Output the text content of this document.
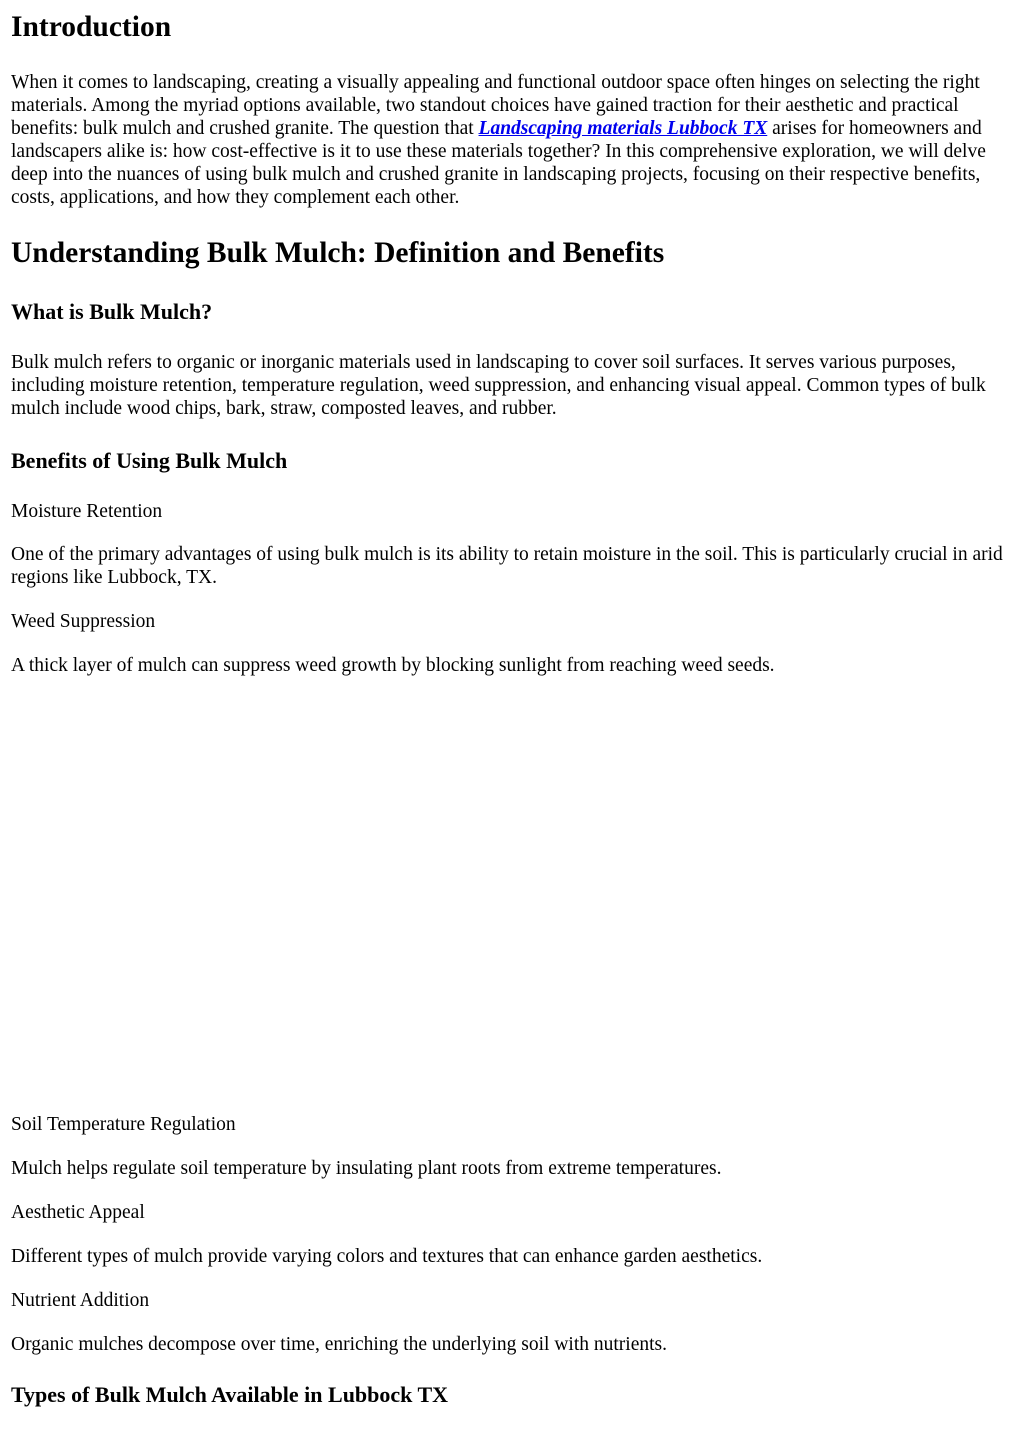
Introduction

When it comes to landscaping, creating a visually appealing and functional outdoor space often hinges on selecting the right materials. Among the myriad options available, two standout choices have gained traction for their aesthetic and practical benefits: bulk mulch and crushed granite. The question that Landscaping materials Lubbock TX arises for homeowners and landscapers alike is: how cost-effective is it to use these materials together? In this comprehensive exploration, we will delve deep into the nuances of using bulk mulch and crushed granite in landscaping projects, focusing on their respective benefits, costs, applications, and how they complement each other.

Understanding Bulk Mulch: Definition and Benefits
What is Bulk Mulch?

Bulk mulch refers to organic or inorganic materials used in landscaping to cover soil surfaces. It serves various purposes, including moisture retention, temperature regulation, weed suppression, and enhancing visual appeal. Common types of bulk mulch include wood chips, bark, straw, composted leaves, and rubber.

Benefits of Using Bulk Mulch

Moisture Retention

One of the primary advantages of using bulk mulch is its ability to retain moisture in the soil. This is particularly crucial in arid regions like Lubbock, TX.

Weed Suppression

A thick layer of mulch can suppress weed growth by blocking sunlight from reaching weed seeds.

Soil Temperature Regulation

Mulch helps regulate soil temperature by insulating plant roots from extreme temperatures.

Aesthetic Appeal

Different types of mulch provide varying colors and textures that can enhance garden aesthetics.

Nutrient Addition

Organic mulches decompose over time, enriching the underlying soil with nutrients.

Types of Bulk Mulch Available in Lubbock TX
